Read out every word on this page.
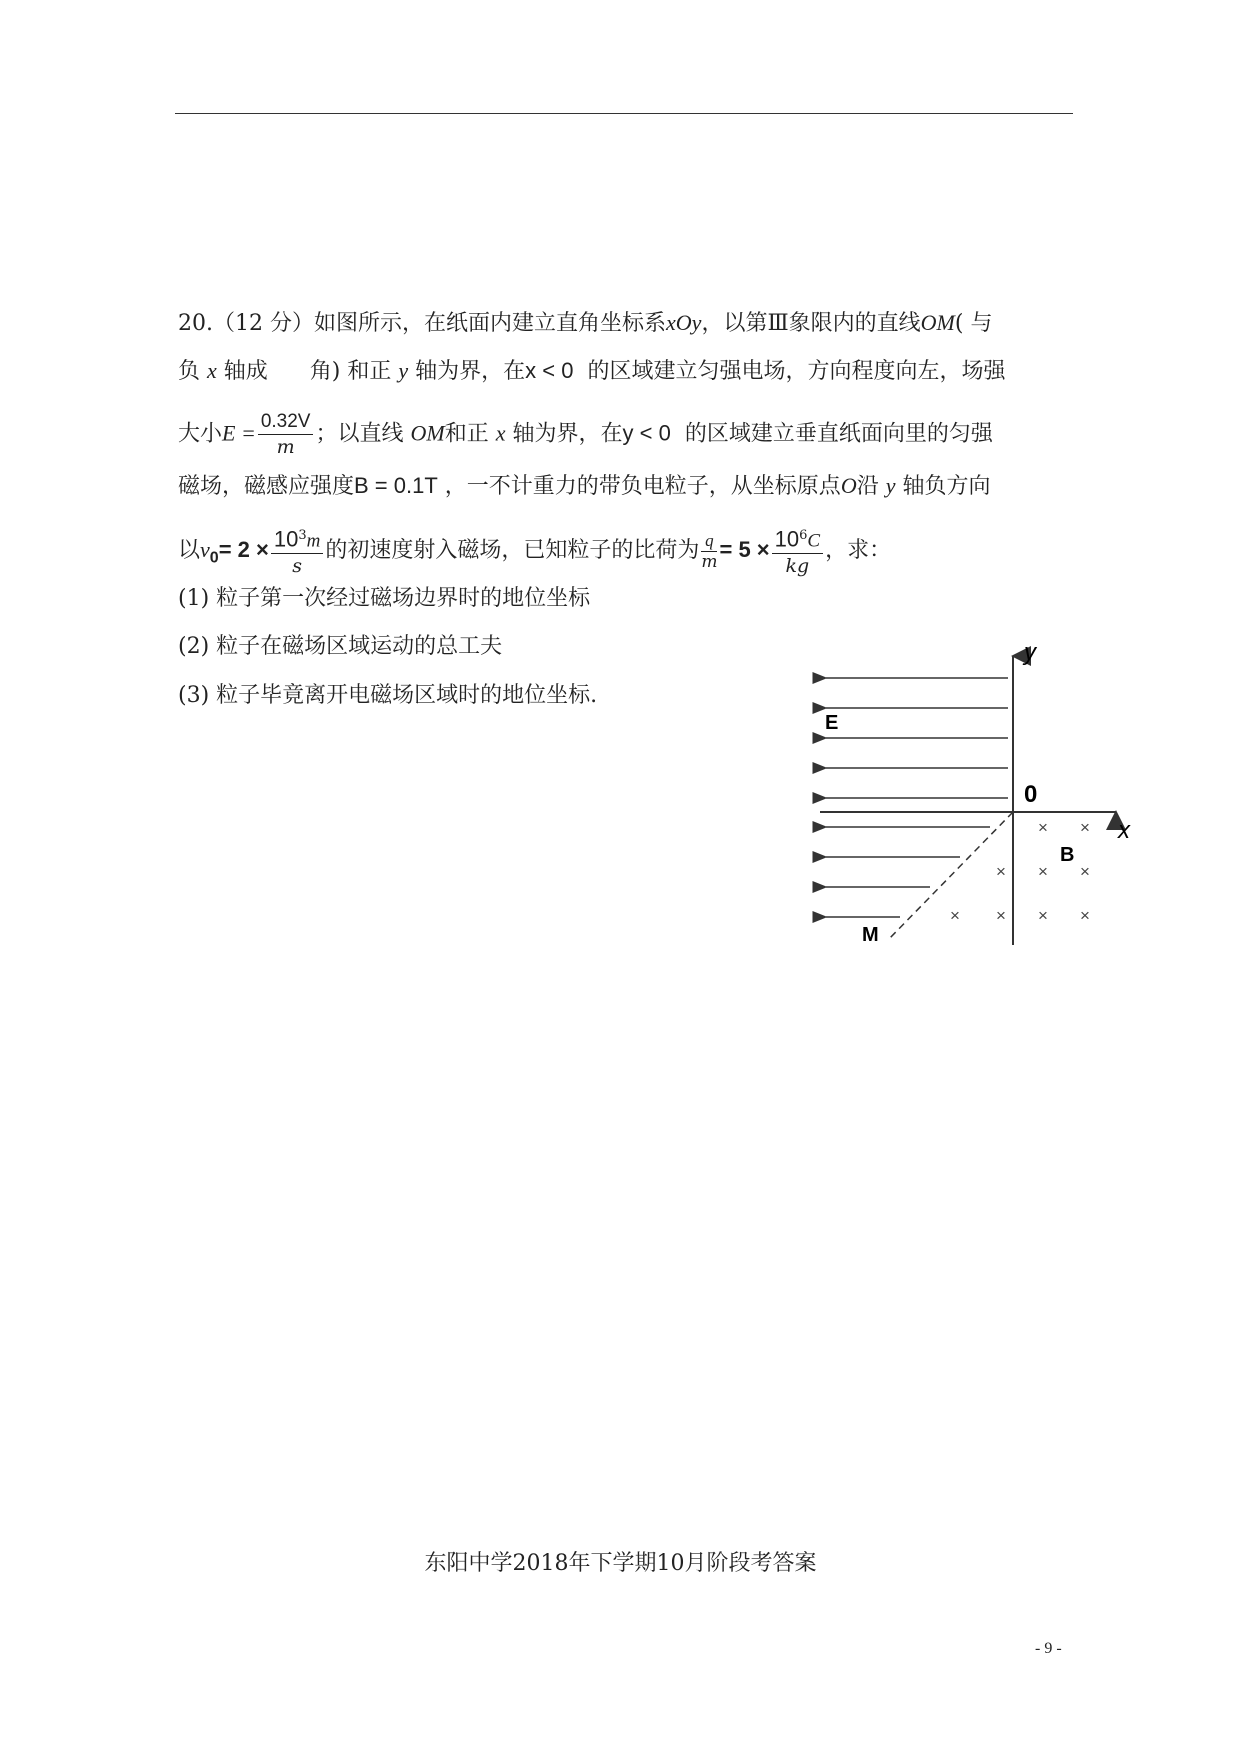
20.（12 分）如图所示，在纸面内建立直角坐标系xOy，以第Ⅲ象限内的直线OM( 与
负 x 轴成 角) 和正 y 轴为界，在x < 0 的区域建立匀强电场，方向程度向左，场强
大小$E = \frac{0.32V}{m}$ ；以直线 OM和正 x 轴为界，在y < 0 的区域建立垂直纸面向里的匀强
磁场，磁感应强度B = 0.1T ，一不计重力的带负电粒子，从坐标原点O沿 y 轴负方向
以$v_0= 2 \times \frac{10^3m}{s}$ 的初速度射入磁场，已知粒子的比荷为 $\frac{q}{m} = 5 \times \frac{10^6C}{kg}$ ，求：
(1) 粒子第一次经过磁场边界时的地位坐标
(2) 粒子在磁场区域运动的总工夫
(3) 粒子毕竟离开电磁场区域时的地位坐标.
× ×
× × ×
× × × ×
y
x
E
0
B
M
东阳中学2018年下学期10月阶段考答案
- 9 -
